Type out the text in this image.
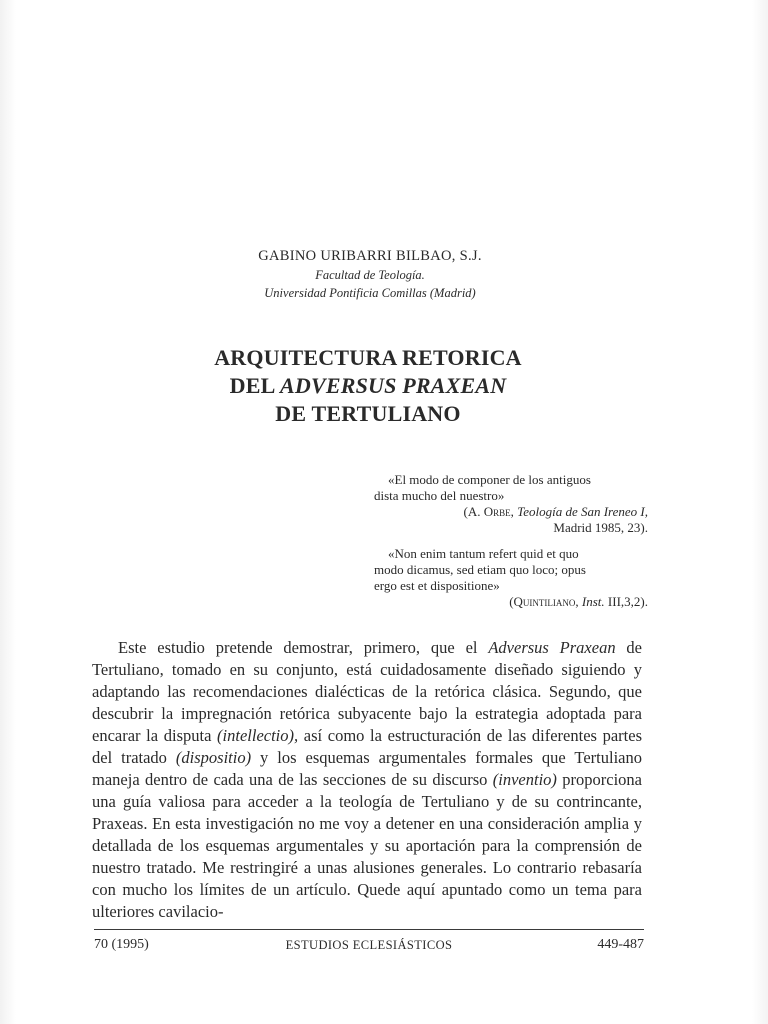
GABINO URIBARRI BILBAO, S.J.
Facultad de Teología.
Universidad Pontificia Comillas (Madrid)
ARQUITECTURA RETORICA
DEL ADVERSUS PRAXEAN
DE TERTULIANO
«El modo de componer de los antiguos
dista mucho del nuestro»
(A. Orbe, Teología de San Ireneo I,
Madrid 1985, 23).
«Non enim tantum refert quid et quo
modo dicamus, sed etiam quo loco; opus
ergo est et dispositione»
(Quintiliano, Inst. III,3,2).
Este estudio pretende demostrar, primero, que el Adversus Praxean de Tertuliano, tomado en su conjunto, está cuidadosamente diseñado siguiendo y adaptando las recomendaciones dialécticas de la retórica clásica. Segundo, que descubrir la impregnación retórica subyacente bajo la estrategia adoptada para encarar la disputa (intellectio), así como la estructuración de las diferentes partes del tratado (dispositio) y los esquemas argumentales formales que Tertuliano maneja dentro de cada una de las secciones de su discurso (inventio) proporciona una guía valiosa para acceder a la teología de Tertuliano y de su contrincante, Praxeas. En esta investigación no me voy a detener en una consideración amplia y detallada de los esquemas argumentales y su aportación para la comprensión de nuestro tratado. Me restringiré a unas alusiones generales. Lo contrario rebasaría con mucho los límites de un artículo. Quede aquí apuntado como un tema para ulteriores cavilacio-
70 (1995)	ESTUDIOS ECLESIÁSTICOS	449-487
